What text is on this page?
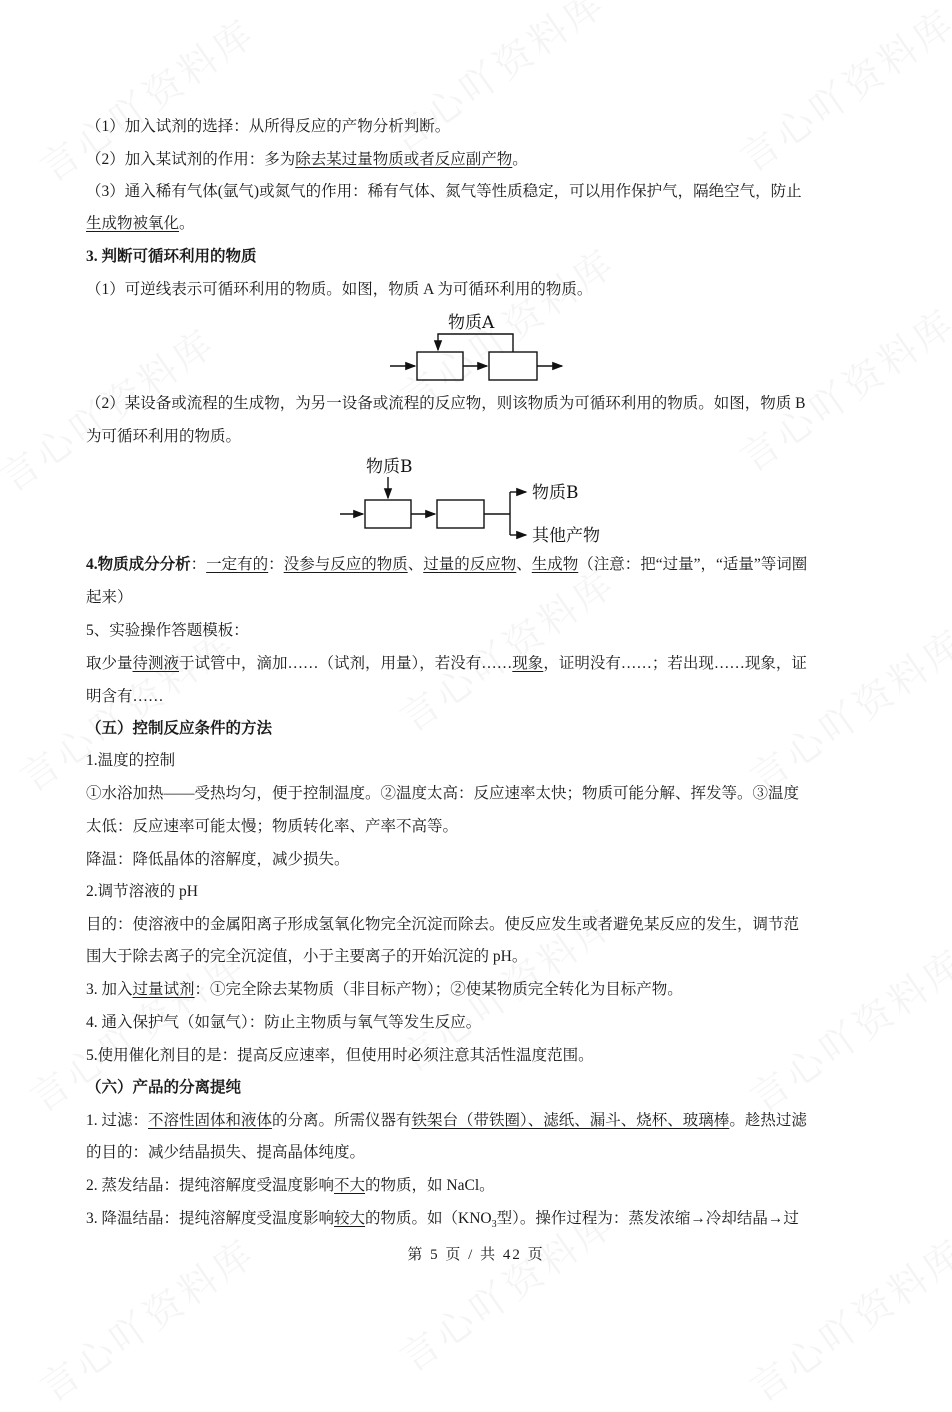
（1）加入试剂的选择：从所得反应的产物分析判断。
（2）加入某试剂的作用：多为除去某过量物质或者反应副产物。
（3）通入稀有气体(氩气)或氮气的作用：稀有气体、氮气等性质稳定，可以用作保护气，隔绝空气，防止
生成物被氧化。
3. 判断可循环利用的物质
（1）可逆线表示可循环利用的物质。如图，物质 A 为可循环利用的物质。
物质A
（2）某设备或流程的生成物，为另一设备或流程的反应物，则该物质为可循环利用的物质。如图，物质 B
为可循环利用的物质。
物质B
物质B
其他产物
4.物质成分分析：一定有的：没参与反应的物质、过量的反应物、生成物（注意：把“过量”，“适量”等词圈
起来）
5、实验操作答题模板：
取少量待测液于试管中，滴加……（试剂，用量），若没有……现象，证明没有……；若出现……现象，证
明含有……
（五）控制反应条件的方法
1.温度的控制
①水浴加热——受热均匀，便于控制温度。②温度太高：反应速率太快；物质可能分解、挥发等。③温度
太低：反应速率可能太慢；物质转化率、产率不高等。
降温：降低晶体的溶解度，减少损失。
2.调节溶液的 pH
目的：使溶液中的金属阳离子形成氢氧化物完全沉淀而除去。使反应发生或者避免某反应的发生，调节范
围大于除去离子的完全沉淀值，小于主要离子的开始沉淀的 pH。
3. 加入过量试剂：①完全除去某物质（非目标产物）；②使某物质完全转化为目标产物。
4. 通入保护气（如氩气）：防止主物质与氧气等发生反应。
5.使用催化剂目的是：提高反应速率，但使用时必须注意其活性温度范围。
（六）产品的分离提纯
1. 过滤：不溶性固体和液体的分离。所需仪器有铁架台（带铁圈）、滤纸、漏斗、烧杯、玻璃棒。趁热过滤
的目的：减少结晶损失、提高晶体纯度。
2. 蒸发结晶：提纯溶解度受温度影响不大的物质，如 NaCl。
3. 降温结晶：提纯溶解度受温度影响较大的物质。如（$KNO_3$型）。操作过程为：蒸发浓缩→冷却结晶→过
第 5 页 / 共 42 页
